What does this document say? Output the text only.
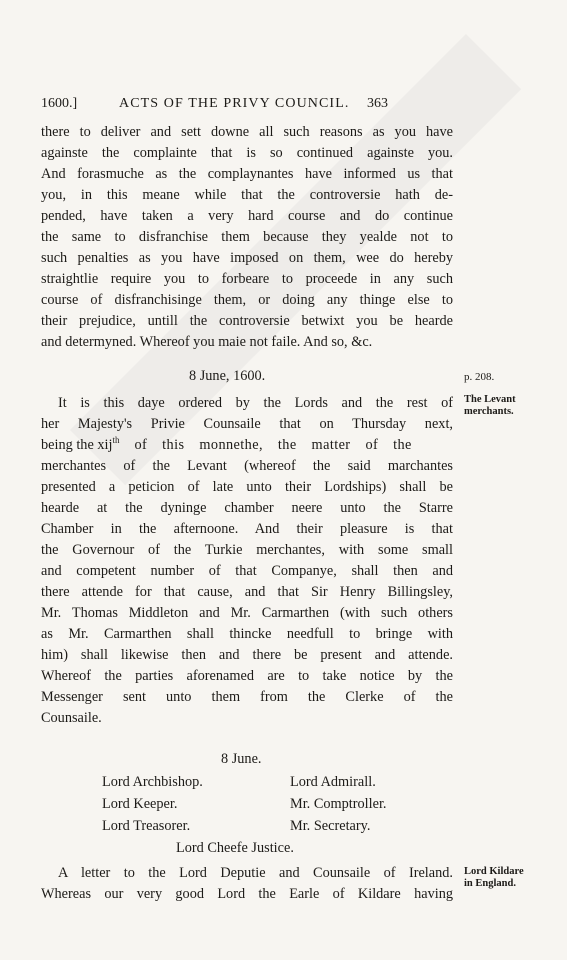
1600.]	ACTS OF THE PRIVY COUNCIL. 363
there to deliver and sett downe all such reasons as you have
againste the complainte that is so continued againste you.
And forasmuche as the complaynantes have informed us that
you, in this meane while that the controversie hath de-
pended, have taken a very hard course and do continue
the same to disfranchise them because they yealde not to
such penalties as you have imposed on them, wee do hereby
straightlie require you to forbeare to proceede in any such
course of disfranchisinge them, or doing any thinge else to
their prejudice, untill the controversie betwixt you be hearde
and determyned. Whereof you maie not faile. And so, &c.
8 June, 1600.	p. 208.
The Levant
merchants.
It is this daye ordered by the Lords and the rest of
her Majesty's Privie Counsaile that on Thursday next,
being the xij$^{th}$ of this monnethe, the matter of the
merchantes of the Levant (whereof the said marchantes
presented a peticion of late unto their Lordships) shall be
hearde at the dyninge chamber neere unto the Starre
Chamber in the afternoone. And their pleasure is that
the Governour of the Turkie merchantes, with some small
and competent number of that Companye, shall then and
there attende for that cause, and that Sir Henry Billingsley,
Mr. Thomas Middleton and Mr. Carmarthen (with such others
as Mr. Carmarthen shall thincke needfull to bringe with
him) shall likewise then and there be present and attende.
Whereof the parties aforenamed are to take notice by the
Messenger sent unto them from the Clerke of the
Counsaile.
8 June.
Lord Archbishop.	Lord Admirall.
Lord Keeper.	Mr. Comptroller.
Lord Treasorer.	Mr. Secretary.
Lord Cheefe Justice.
A letter to the Lord Deputie and Counsaile of Ireland.
Whereas our very good Lord the Earle of Kildare having
Lord Kildare
in England.
